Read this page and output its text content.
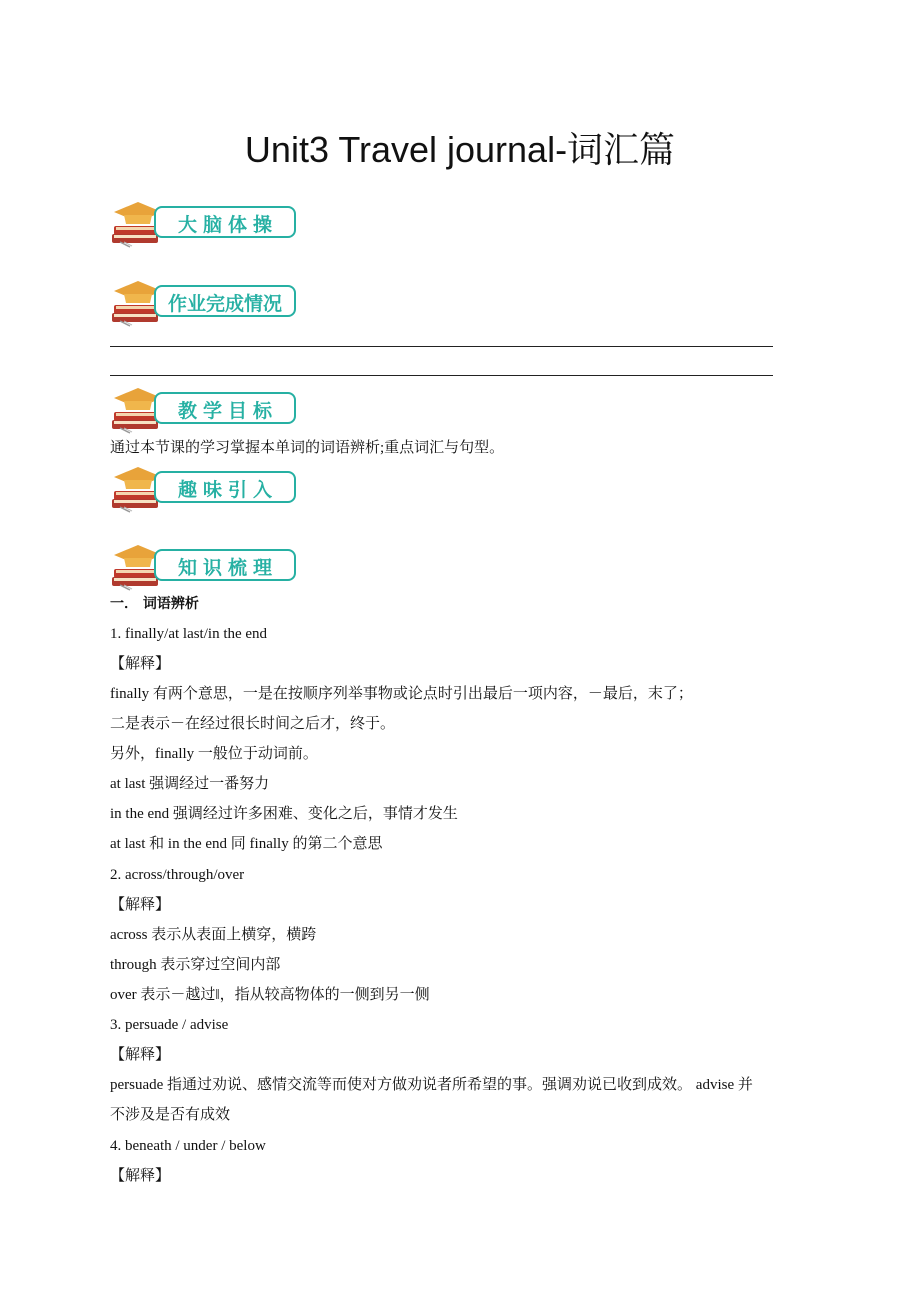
Unit3 Travel journal-词汇篇
大脑体操
作业完成情况
教学目标
通过本节课的学习掌握本单词的词语辨析;重点词汇与句型。
趣味引入
知识梳理
一． 词语辨析
1. finally/at last/in the end
【解释】
finally 有两个意思，一是在按顺序列举事物或论点时引出最后一项内容，－最后，末了；
二是表示－在经过很长时间之后才，终于。
另外，finally 一般位于动词前。
at last 强调经过一番努力
in the end 强调经过许多困难、变化之后，事情才发生
at last 和 in the end 同 finally 的第二个意思
2. across/through/over
【解释】
across 表示从表面上横穿，横跨
through 表示穿过空间内部
over 表示－越过‖，指从较高物体的一侧到另一侧
3. persuade / advise
【解释】
persuade 指通过劝说、感情交流等而使对方做劝说者所希望的事。强调劝说已收到成效。 advise 并
不涉及是否有成效
4. beneath / under / below
【解释】
